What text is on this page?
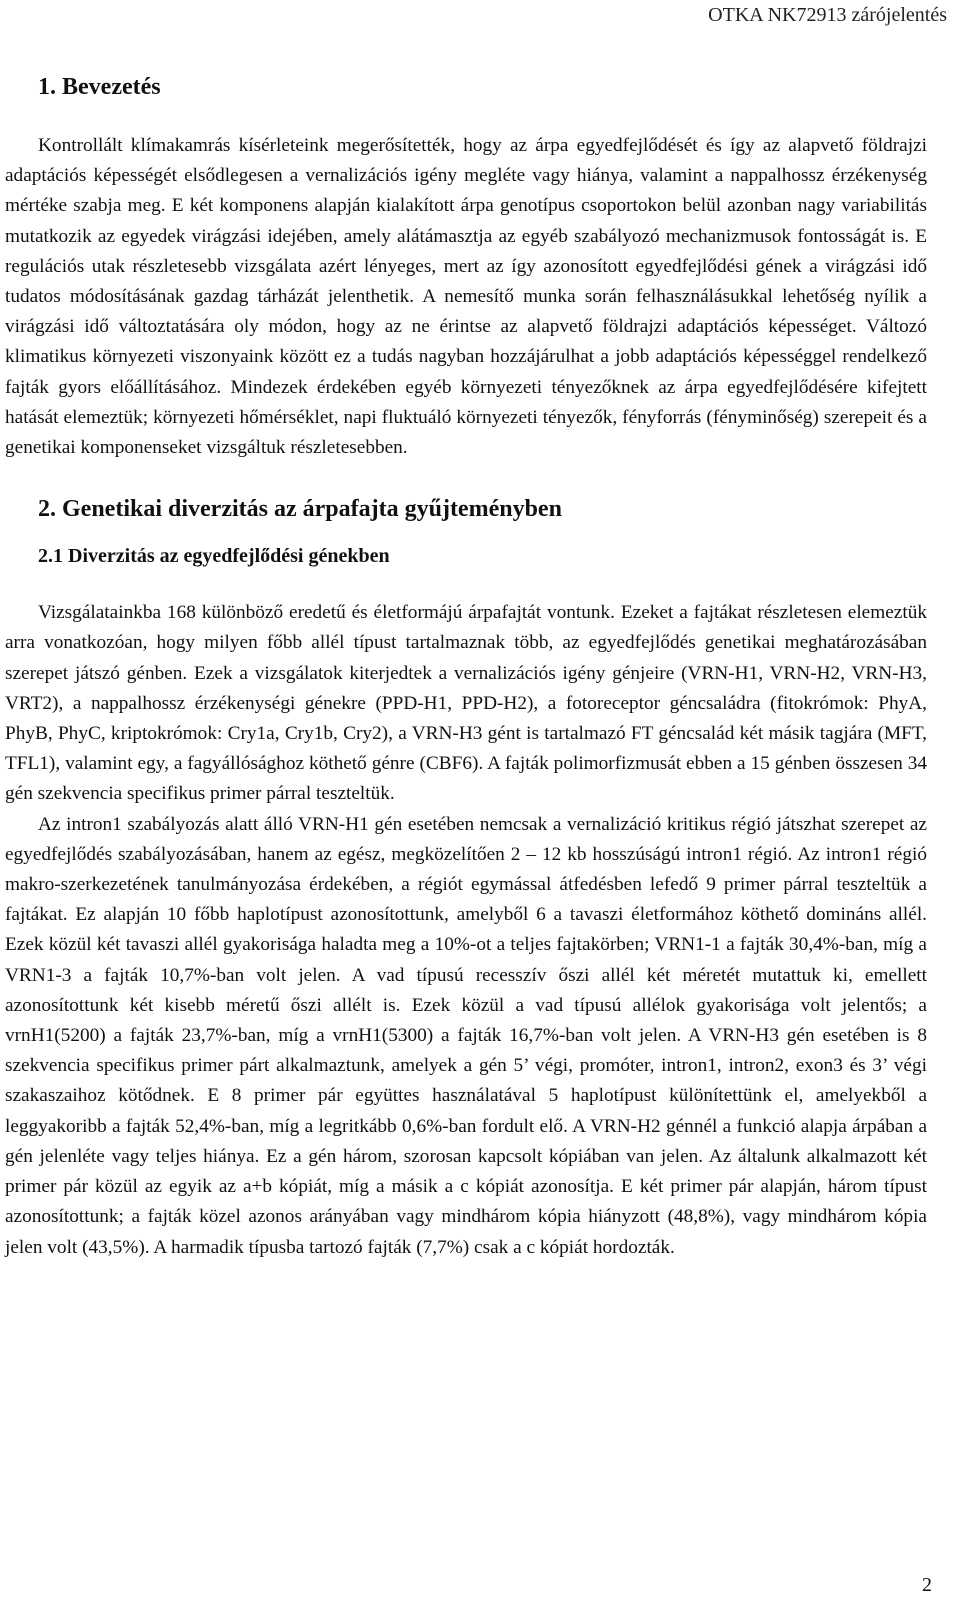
OTKA NK72913 zárójelentés
1. Bevezetés

Kontrollált klímakamrás kísérleteink megerősítették, hogy az árpa egyedfejlődését és így az alapvető földrajzi adaptációs képességét elsődlegesen a vernalizációs igény megléte vagy hiánya, valamint a nappalhossz érzékenység mértéke szabja meg. E két komponens alapján kialakított árpa genotípus csoportokon belül azonban nagy variabilitás mutatkozik az egyedek virágzási idejében, amely alátámasztja az egyéb szabályozó mechanizmusok fontosságát is. E regulációs utak részletesebb vizsgálata azért lényeges, mert az így azonosított egyedfejlődési gének a virágzási idő tudatos módosításának gazdag tárházát jelenthetik. A nemesítő munka során felhasználásukkal lehetőség nyílik a virágzási idő változtatására oly módon, hogy az ne érintse az alapvető földrajzi adaptációs képességet. Változó klimatikus környezeti viszonyaink között ez a tudás nagyban hozzájárulhat a jobb adaptációs képességgel rendelkező fajták gyors előállításához. Mindezek érdekében egyéb környezeti tényezőknek az árpa egyedfejlődésére kifejtett hatását elemeztük; környezeti hőmérséklet, napi fluktuáló környezeti tényezők, fényforrás (fényminőség) szerepeit és a genetikai komponenseket vizsgáltuk részletesebben.

2. Genetikai diverzitás az árpafajta gyűjteményben
2.1 Diverzitás az egyedfejlődési génekben

Vizsgálatainkba 168 különböző eredetű és életformájú árpafajtát vontunk. Ezeket a fajtákat részletesen elemeztük arra vonatkozóan, hogy milyen főbb allél típust tartalmaznak több, az egyedfejlődés genetikai meghatározásában szerepet játszó génben. Ezek a vizsgálatok kiterjedtek a vernalizációs igény génjeire (VRN-H1, VRN-H2, VRN-H3, VRT2), a nappalhossz érzékenységi génekre (PPD-H1, PPD-H2), a fotoreceptor géncsaládra (fitokrómok: PhyA, PhyB, PhyC, kriptokrómok: Cry1a, Cry1b, Cry2), a VRN-H3 gént is tartalmazó FT géncsalád két másik tagjára (MFT, TFL1), valamint egy, a fagyállósághoz köthető génre (CBF6). A fajták polimorfizmusát ebben a 15 génben összesen 34 gén szekvencia specifikus primer párral teszteltük.

Az intron1 szabályozás alatt álló VRN-H1 gén esetében nemcsak a vernalizáció kritikus régió játszhat szerepet az egyedfejlődés szabályozásában, hanem az egész, megközelítően 2 – 12 kb hosszúságú intron1 régió. Az intron1 régió makro-szerkezetének tanulmányozása érdekében, a régiót egymással átfedésben lefedő 9 primer párral teszteltük a fajtákat. Ez alapján 10 főbb haplotípust azonosítottunk, amelyből 6 a tavaszi életformához köthető domináns allél. Ezek közül két tavaszi allél gyakorisága haladta meg a 10%-ot a teljes fajtakörben; VRN1-1 a fajták 30,4%-ban, míg a VRN1-3 a fajták 10,7%-ban volt jelen. A vad típusú recesszív őszi allél két méretét mutattuk ki, emellett azonosítottunk két kisebb méretű őszi allélt is. Ezek közül a vad típusú allélok gyakorisága volt jelentős; a vrnH1(5200) a fajták 23,7%-ban, míg a vrnH1(5300) a fajták 16,7%-ban volt jelen. A VRN-H3 gén esetében is 8 szekvencia specifikus primer párt alkalmaztunk, amelyek a gén 5’ végi, promóter, intron1, intron2, exon3 és 3’ végi szakaszaihoz kötődnek. E 8 primer pár együttes használatával 5 haplotípust különítettünk el, amelyekből a leggyakoribb a fajták 52,4%-ban, míg a legritkább 0,6%-ban fordult elő. A VRN-H2 génnél a funkció alapja árpában a gén jelenléte vagy teljes hiánya. Ez a gén három, szorosan kapcsolt kópiában van jelen. Az általunk alkalmazott két primer pár közül az egyik az a+b kópiát, míg a másik a c kópiát azonosítja. E két primer pár alapján, három típust azonosítottunk; a fajták közel azonos arányában vagy mindhárom kópia hiányzott (48,8%), vagy mindhárom kópia jelen volt (43,5%). A harmadik típusba tartozó fajták (7,7%) csak a c kópiát hordozták.

2
